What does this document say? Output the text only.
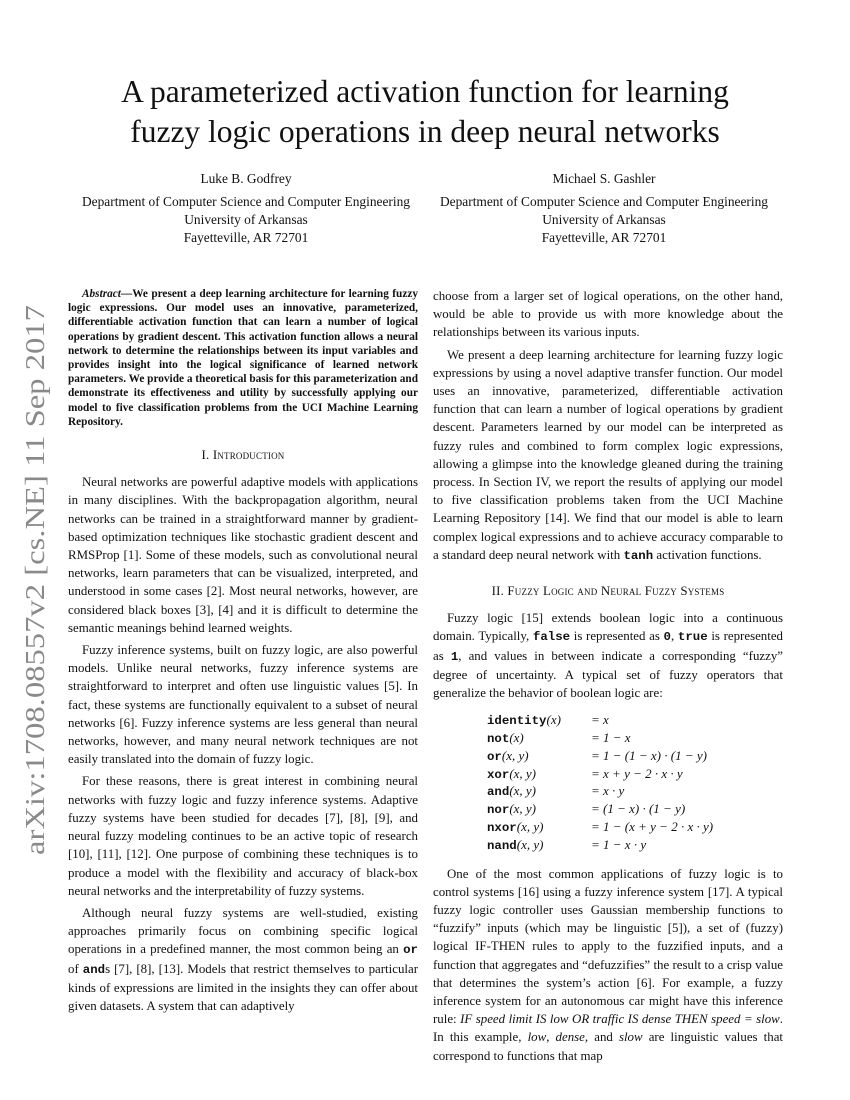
arXiv:1708.08557v2 [cs.NE] 11 Sep 2017
A parameterized activation function for learning
fuzzy logic operations in deep neural networks
Luke B. Godfrey
Department of Computer Science and Computer Engineering
University of Arkansas
Fayetteville, AR 72701
Michael S. Gashler
Department of Computer Science and Computer Engineering
University of Arkansas
Fayetteville, AR 72701

Abstract—We present a deep learning architecture for learning fuzzy logic expressions. Our model uses an innovative, parameterized, differentiable activation function that can learn a number of logical operations by gradient descent. This activation function allows a neural network to determine the relationships between its input variables and provides insight into the logical significance of learned network parameters. We provide a theoretical basis for this parameterization and demonstrate its effectiveness and utility by successfully applying our model to five classification problems from the UCI Machine Learning Repository.

I. Introduction

Neural networks are powerful adaptive models with applications in many disciplines. With the backpropagation algorithm, neural networks can be trained in a straightforward manner by gradient-based optimization techniques like stochastic gradient descent and RMSProp [1]. Some of these models, such as convolutional neural networks, learn parameters that can be visualized, interpreted, and understood in some cases [2]. Most neural networks, however, are considered black boxes [3], [4] and it is difficult to determine the semantic meanings behind learned weights.

Fuzzy inference systems, built on fuzzy logic, are also powerful models. Unlike neural networks, fuzzy inference systems are straightforward to interpret and often use linguistic values [5]. In fact, these systems are functionally equivalent to a subset of neural networks [6]. Fuzzy inference systems are less general than neural networks, however, and many neural network techniques are not easily translated into the domain of fuzzy logic.

For these reasons, there is great interest in combining neural networks with fuzzy logic and fuzzy inference systems. Adaptive fuzzy systems have been studied for decades [7], [8], [9], and neural fuzzy modeling continues to be an active topic of research [10], [11], [12]. One purpose of combining these techniques is to produce a model with the flexibility and accuracy of black-box neural networks and the interpretability of fuzzy systems.

Although neural fuzzy systems are well-studied, existing approaches primarily focus on combining specific logical operations in a predefined manner, the most common being an or of ands [7], [8], [13]. Models that restrict themselves to particular kinds of expressions are limited in the insights they can offer about given datasets. A system that can adaptively

choose from a larger set of logical operations, on the other hand, would be able to provide us with more knowledge about the relationships between its various inputs.

We present a deep learning architecture for learning fuzzy logic expressions by using a novel adaptive transfer function. Our model uses an innovative, parameterized, differentiable activation function that can learn a number of logical operations by gradient descent. Parameters learned by our model can be interpreted as fuzzy rules and combined to form complex logic expressions, allowing a glimpse into the knowledge gleaned during the training process. In Section IV, we report the results of applying our model to five classification problems taken from the UCI Machine Learning Repository [14]. We find that our model is able to learn complex logical expressions and to achieve accuracy comparable to a standard deep neural network with tanh activation functions.

II. Fuzzy Logic and Neural Fuzzy Systems

Fuzzy logic [15] extends boolean logic into a continuous domain. Typically, false is represented as 0, true is represented as 1, and values in between indicate a corresponding “fuzzy” degree of uncertainty. A typical set of fuzzy operators that generalize the behavior of boolean logic are:

identity(x)	= x
not(x)	= 1 − x
or(x, y)	= 1 − (1 − x) · (1 − y)
xor(x, y)	= x + y − 2 · x · y
and(x, y)	= x · y
nor(x, y)	= (1 − x) · (1 − y)
nxor(x, y)	= 1 − (x + y − 2 · x · y)
nand(x, y)	= 1 − x · y

One of the most common applications of fuzzy logic is to control systems [16] using a fuzzy inference system [17]. A typical fuzzy logic controller uses Gaussian membership functions to “fuzzify” inputs (which may be linguistic [5]), a set of (fuzzy) logical IF-THEN rules to apply to the fuzzified inputs, and a function that aggregates and “defuzzifies” the result to a crisp value that determines the system’s action [6]. For example, a fuzzy inference system for an autonomous car might have this inference rule: IF speed limit IS low OR traffic IS dense THEN speed = slow. In this example, low, dense, and slow are linguistic values that correspond to functions that map
